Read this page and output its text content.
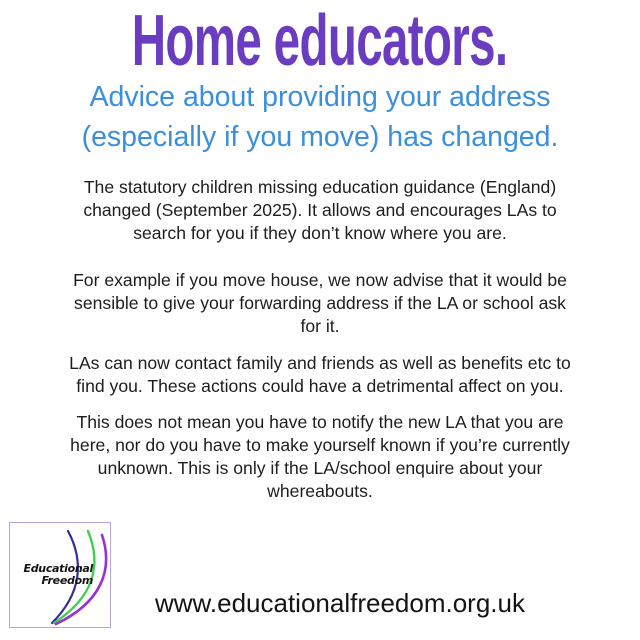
Home educators.
Advice about providing your address
(especially if you move) has changed.
The statutory children missing education guidance (England)
changed (September 2025). It allows and encourages LAs to
search for you if they don’t know where you are.
For example if you move house, we now advise that it would be
sensible to give your forwarding address if the LA or school ask
for it.
LAs can now contact family and friends as well as benefits etc to
find you. These actions could have a detrimental affect on you.
This does not mean you have to notify the new LA that you are
here, nor do you have to make yourself known if you’re currently
unknown. This is only if the LA/school enquire about your
whereabouts.
Educational
Freedom
www.educationalfreedom.org.uk
